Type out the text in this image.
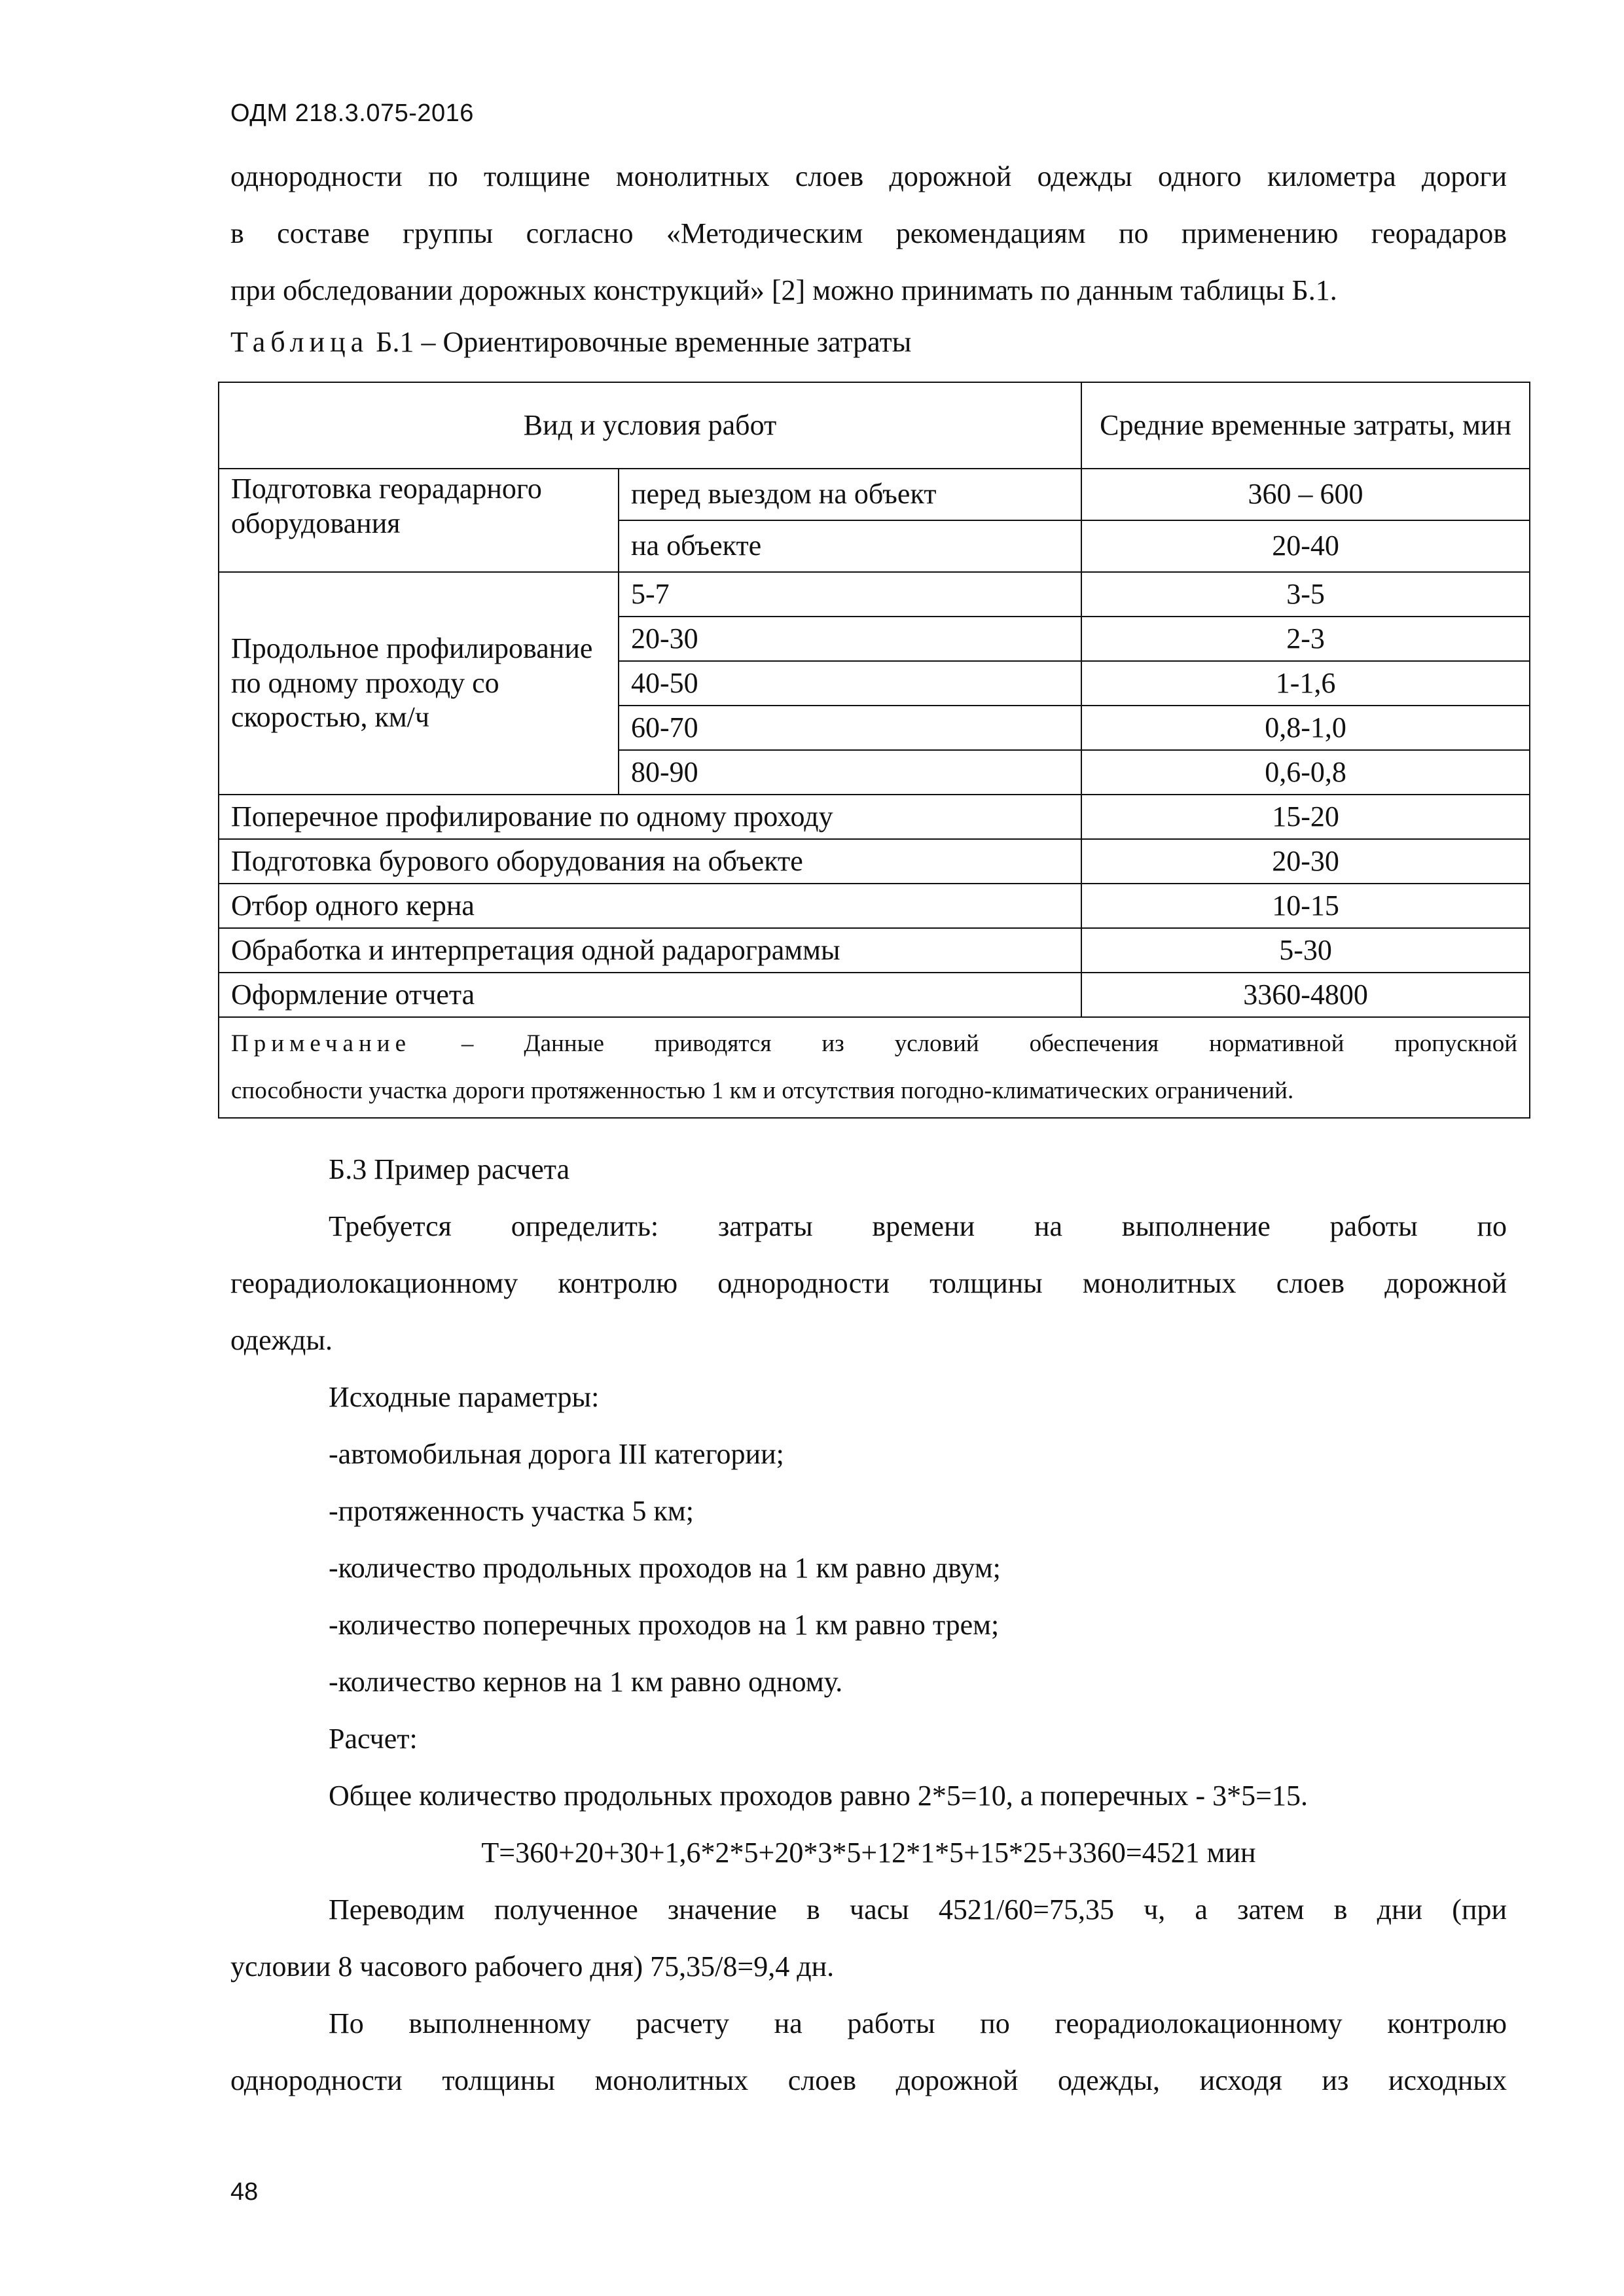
ОДМ 218.3.075-2016
однородности по толщине монолитных слоев дорожной одежды одного километра дороги
в составе группы согласно «Методическим рекомендациям по применению георадаров
при обследовании дорожных конструкций» [2] можно принимать по данным таблицы Б.1.
Таблица Б.1 – Ориентировочные временные затраты
Вид и условия работ		Средние временные затраты, мин
Подготовка георадарного оборудования	перед выездом на объект	360 – 600
	на объекте	20-40
Продольное профилирование по одному проходу со скоростью, км/ч	5-7	3-5
	20-30	2-3
	40-50	1-1,6
	60-70	0,8-1,0
	80-90	0,6-0,8
Поперечное профилирование по одному проходу		15-20
Подготовка бурового оборудования на объекте		20-30
Отбор одного керна		10-15
Обработка и интерпретация одной радарограммы		5-30
Оформление отчета		3360-4800

Примечание – Данные приводятся из условий обеспечения нормативной пропускной
способности участка дороги протяженностью 1 км и отсутствия погодно-климатических ограничений.		
Б.3 Пример расчета
Требуется определить: затраты времени на выполнение работы по
георадиолокационному контролю однородности толщины монолитных слоев дорожной
одежды.
Исходные параметры:
-автомобильная дорога III категории;
-протяженность участка 5 км;
-количество продольных проходов на 1 км равно двум;
-количество поперечных проходов на 1 км равно трем;
-количество кернов на 1 км равно одному.
Расчет:
Общее количество продольных проходов равно 2*5=10, а поперечных - 3*5=15.
T=360+20+30+1,6*2*5+20*3*5+12*1*5+15*25+3360=4521 мин
Переводим полученное значение в часы 4521/60=75,35 ч, а затем в дни (при
условии 8 часового рабочего дня) 75,35/8=9,4 дн.
По выполненному расчету на работы по георадиолокационному контролю
однородности толщины монолитных слоев дорожной одежды, исходя из исходных
48
